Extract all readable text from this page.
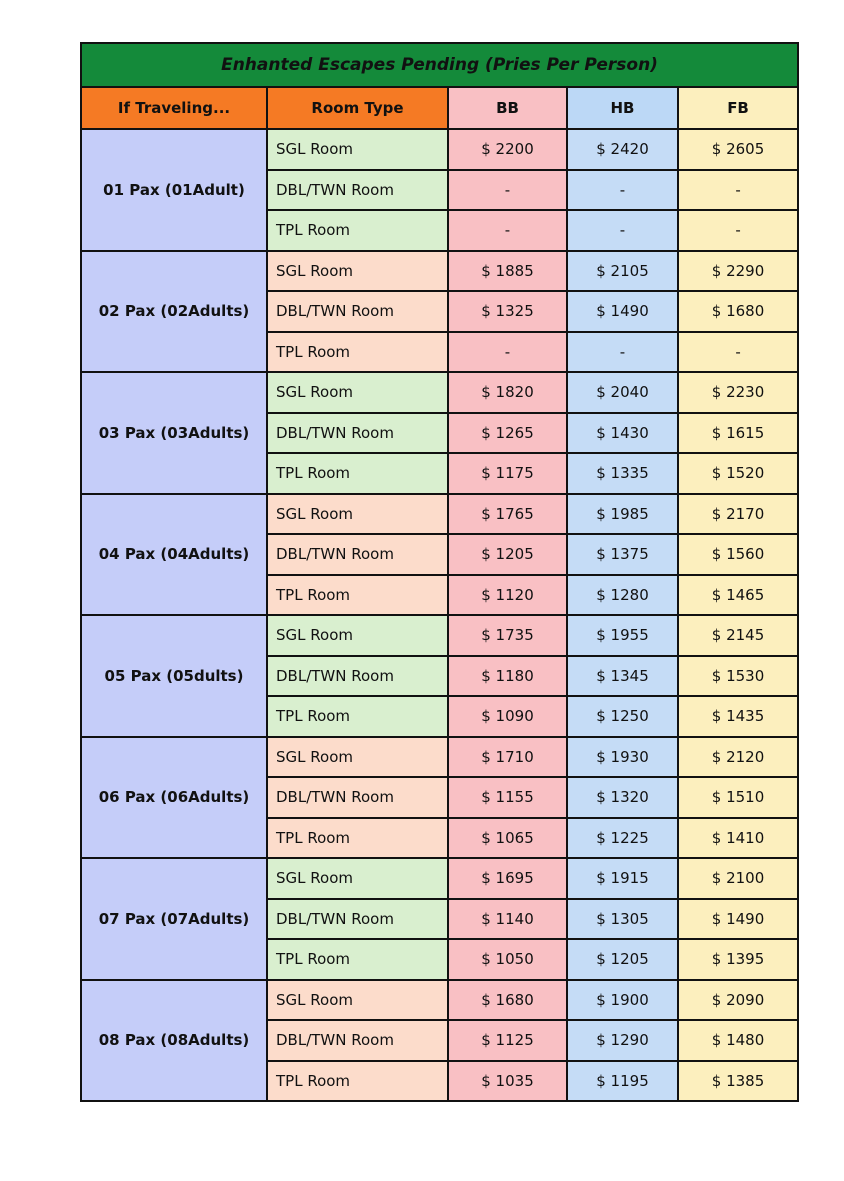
Enhanted Escapes Pending (Pries Per Person)				
If Traveling...	Room Type	BB	HB	FB
01 Pax (01Adult)	SGL Room	$ 2200	$ 2420	$ 2605
	DBL/TWN Room	-	-	-
	TPL Room	-	-	-
02 Pax (02Adults)	SGL Room	$ 1885	$ 2105	$ 2290
	DBL/TWN Room	$ 1325	$ 1490	$ 1680
	TPL Room	-	-	-
03 Pax (03Adults)	SGL Room	$ 1820	$ 2040	$ 2230
	DBL/TWN Room	$ 1265	$ 1430	$ 1615
	TPL Room	$ 1175	$ 1335	$ 1520
04 Pax (04Adults)	SGL Room	$ 1765	$ 1985	$ 2170
	DBL/TWN Room	$ 1205	$ 1375	$ 1560
	TPL Room	$ 1120	$ 1280	$ 1465
05 Pax (05dults)	SGL Room	$ 1735	$ 1955	$ 2145
	DBL/TWN Room	$ 1180	$ 1345	$ 1530
	TPL Room	$ 1090	$ 1250	$ 1435
06 Pax (06Adults)	SGL Room	$ 1710	$ 1930	$ 2120
	DBL/TWN Room	$ 1155	$ 1320	$ 1510
	TPL Room	$ 1065	$ 1225	$ 1410
07 Pax (07Adults)	SGL Room	$ 1695	$ 1915	$ 2100
	DBL/TWN Room	$ 1140	$ 1305	$ 1490
	TPL Room	$ 1050	$ 1205	$ 1395
08 Pax (08Adults)	SGL Room	$ 1680	$ 1900	$ 2090
	DBL/TWN Room	$ 1125	$ 1290	$ 1480
	TPL Room	$ 1035	$ 1195	$ 1385
